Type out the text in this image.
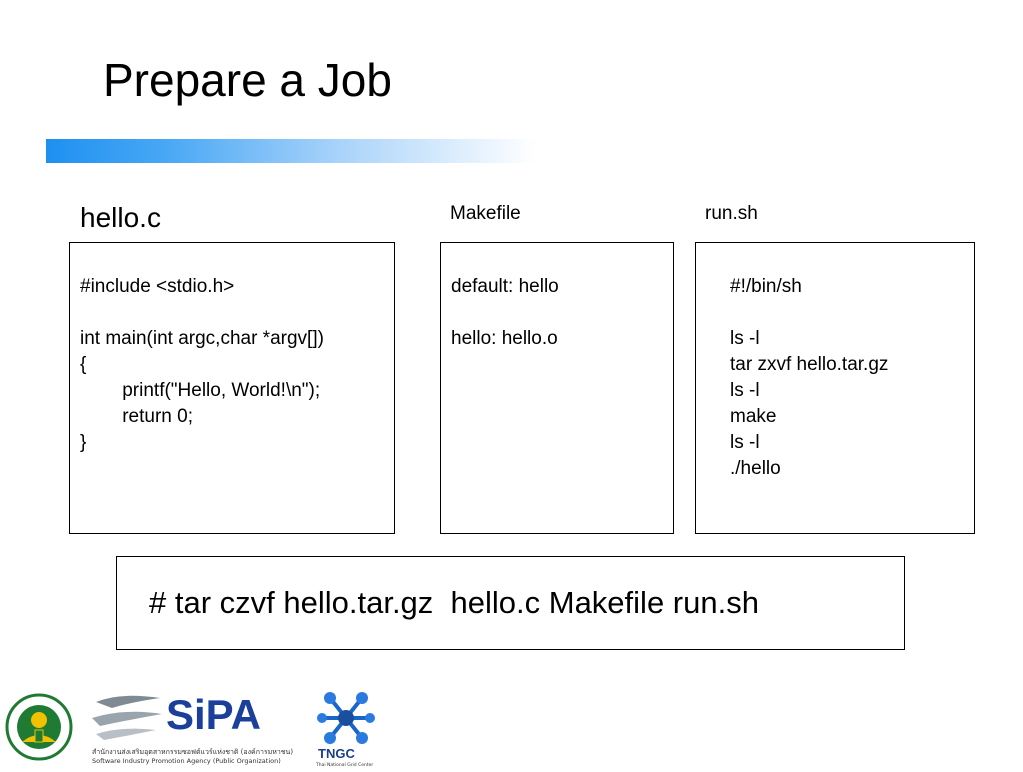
Prepare a Job
hello.c
#include <stdio.h>
int main(int argc,char *argv[])
{
printf("Hello, World!\n");
return 0;
}
Makefile
default: hello
hello: hello.o
run.sh
#!/bin/sh
ls -l
tar zxvf hello.tar.gz
ls -l
make
ls -l
./hello
# tar czvf hello.tar.gz  hello.c Makefile run.sh
SiPA
สำนักงานส่งเสริมอุตสาหกรรมซอฟต์แวร์แห่งชาติ (องค์การมหาชน)
Software Industry Promotion Agency (Public Organization)	TNGC
Thai National Grid Center
